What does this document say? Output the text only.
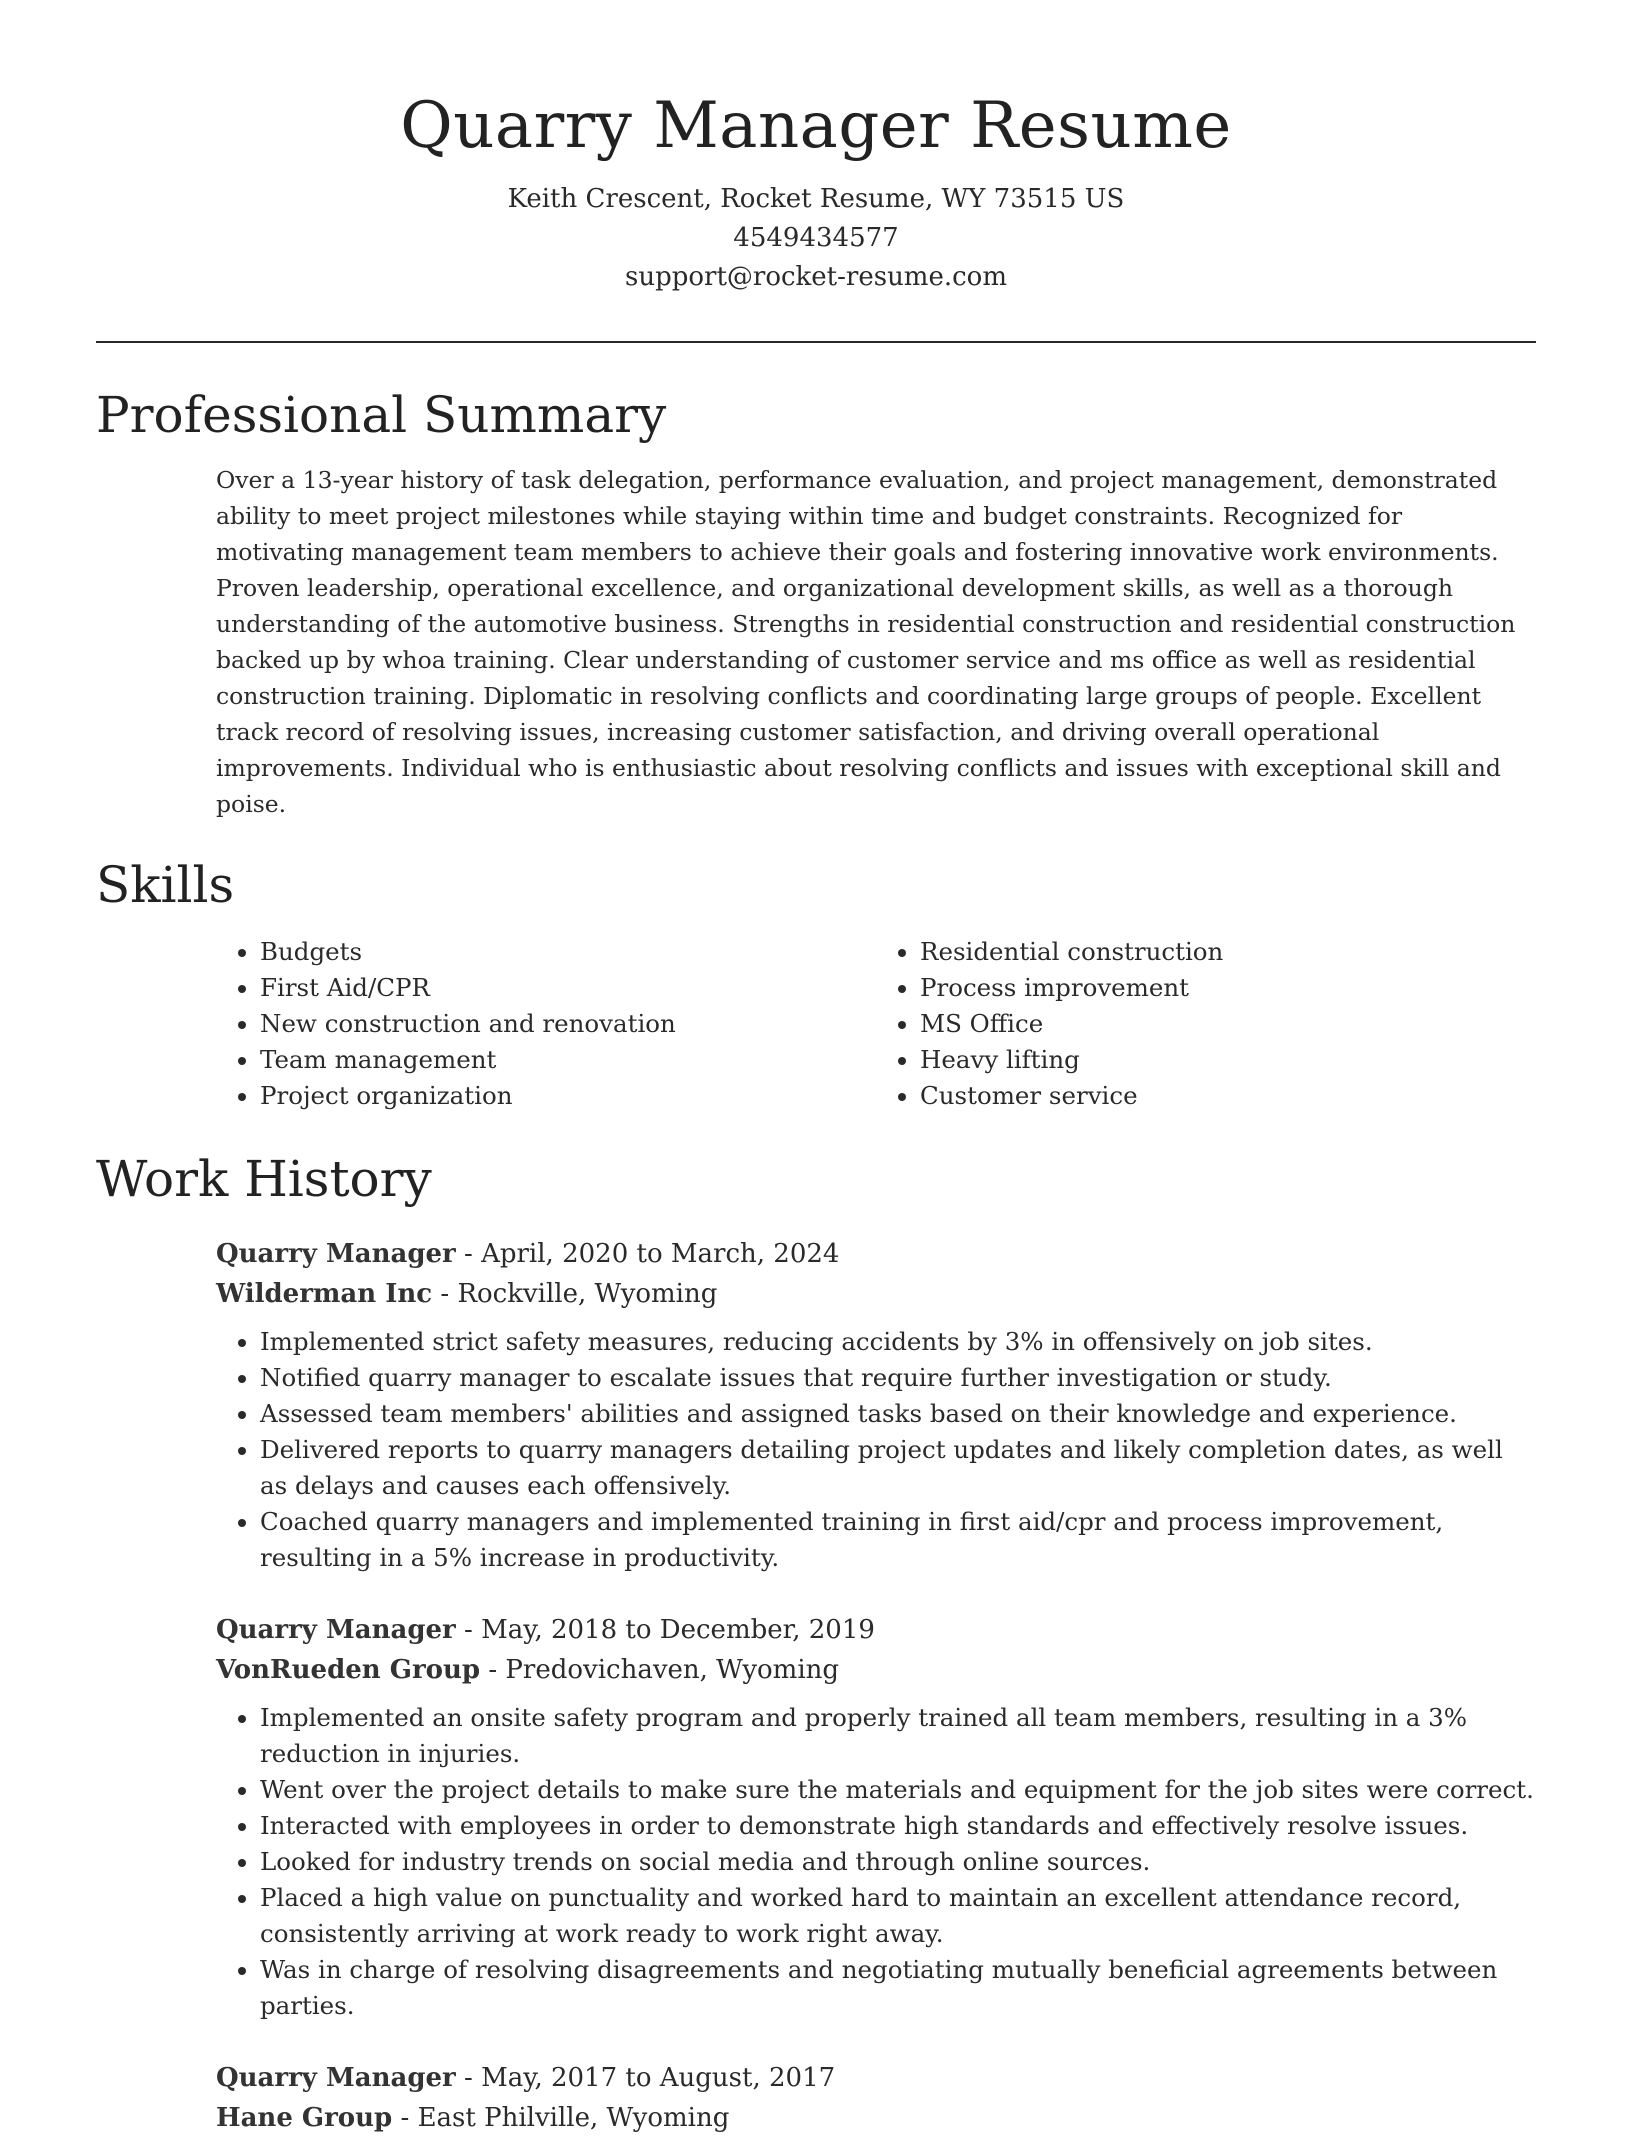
Quarry Manager Resume
Keith Crescent, Rocket Resume, WY 73515 US
4549434577
support@rocket-resume.com
Professional Summary

Over a 13-year history of task delegation, performance evaluation, and project management, demonstrated ability to meet project milestones while staying within time and budget constraints. Recognized for motivating management team members to achieve their goals and fostering innovative work environments. Proven leadership, operational excellence, and organizational development skills, as well as a thorough understanding of the automotive business. Strengths in residential construction and residential construction backed up by whoa training. Clear understanding of customer service and ms office as well as residential construction training. Diplomatic in resolving conflicts and coordinating large groups of people. Excellent track record of resolving issues, increasing customer satisfaction, and driving overall operational improvements. Individual who is enthusiastic about resolving conflicts and issues with exceptional skill and poise.

Skills
• Budgets
• First Aid/CPR
• New construction and renovation
• Team management
• Project organization
• Residential construction
• Process improvement
• MS Office
• Heavy lifting
• Customer service
Work History
Quarry Manager - April, 2020 to March, 2024
Wilderman Inc - Rockville, Wyoming
• Implemented strict safety measures, reducing accidents by 3% in offensively on job sites.
• Notified quarry manager to escalate issues that require further investigation or study.
• Assessed team members' abilities and assigned tasks based on their knowledge and experience.
• Delivered reports to quarry managers detailing project updates and likely completion dates, as well as delays and causes each offensively.
• Coached quarry managers and implemented training in first aid/cpr and process improvement, resulting in a 5% increase in productivity.
Quarry Manager - May, 2018 to December, 2019
VonRueden Group - Predovichaven, Wyoming
• Implemented an onsite safety program and properly trained all team members, resulting in a 3% reduction in injuries.
• Went over the project details to make sure the materials and equipment for the job sites were correct.
• Interacted with employees in order to demonstrate high standards and effectively resolve issues.
• Looked for industry trends on social media and through online sources.
• Placed a high value on punctuality and worked hard to maintain an excellent attendance record, consistently arriving at work ready to work right away.
• Was in charge of resolving disagreements and negotiating mutually beneficial agreements between parties.
Quarry Manager - May, 2017 to August, 2017
Hane Group - East Philville, Wyoming
